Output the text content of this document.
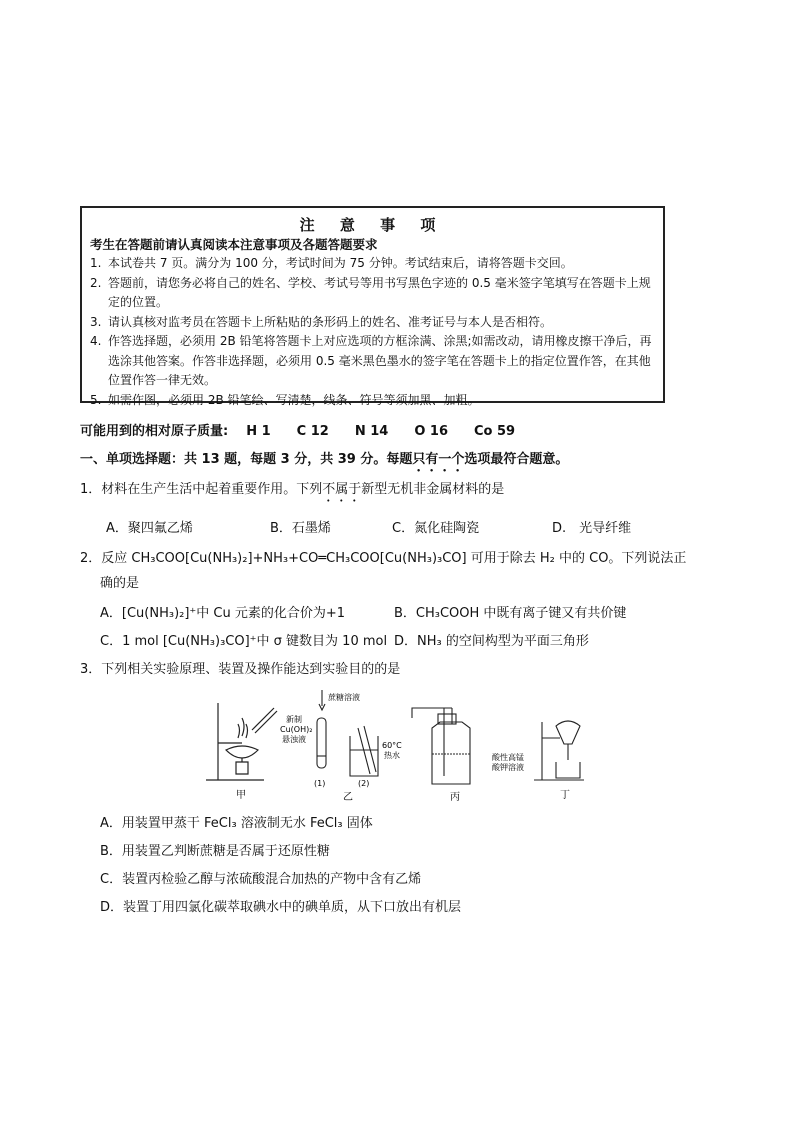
注 意 事 项
考生在答题前请认真阅读本注意事项及各题答题要求
1. 本试卷共 7 页。满分为 100 分，考试时间为 75 分钟。考试结束后，请将答题卡交回。
2. 答题前，请您务必将自己的姓名、学校、考试号等用书写黑色字迹的 0.5 毫米签字笔填写在答题卡上规定的位置。
3. 请认真核对监考员在答题卡上所粘贴的条形码上的姓名、准考证号与本人是否相符。
4. 作答选择题，必须用 2B 铅笔将答题卡上对应选项的方框涂满、涂黑;如需改动，请用橡皮擦干净后，再选涂其他答案。作答非选择题，必须用 0.5 毫米黑色墨水的签字笔在答题卡上的指定位置作答，在其他位置作答一律无效。
5. 如需作图，必须用 2B 铅笔绘、写清楚，线条、符号等须加黑、加粗。
可能用到的相对原子质量: H 1 C 12 N 14 O 16 Co 59
一、单项选择题：共 13 题，每题 3 分，共 39 分。每题只有一个选项最符合题意。
1．材料在生产生活中起着重要作用。下列不属于新型无机非金属材料的是
A．聚四氟乙烯	B．石墨烯	C．氮化硅陶瓷	D.　光导纤维
2．反应 CH₃COO[Cu(NH₃)₂]+NH₃+CO═CH₃COO[Cu(NH₃)₃CO] 可用于除去 H₂ 中的 CO。下列说法正
确的是
A．[Cu(NH₃)₂]⁺中 Cu 元素的化合价为+1	B．CH₃COOH 中既有离子键又有共价键
C．1 mol [Cu(NH₃)₃CO]⁺中 σ 键数目为 10 mol D．NH₃ 的空间构型为平面三角形
3．下列相关实验原理、装置及操作能达到实验目的的是
甲
蔗糖溶液
新制
Cu(OH)₂
悬浊液
(1)	(2)
60°C
热水
乙
酸性高锰
酸钾溶液
丙	丁
A．用装置甲蒸干 FeCl₃ 溶液制无水 FeCl₃ 固体
B．用装置乙判断蔗糖是否属于还原性糖
C．装置丙检验乙醇与浓硫酸混合加热的产物中含有乙烯
D．装置丁用四氯化碳萃取碘水中的碘单质，从下口放出有机层
